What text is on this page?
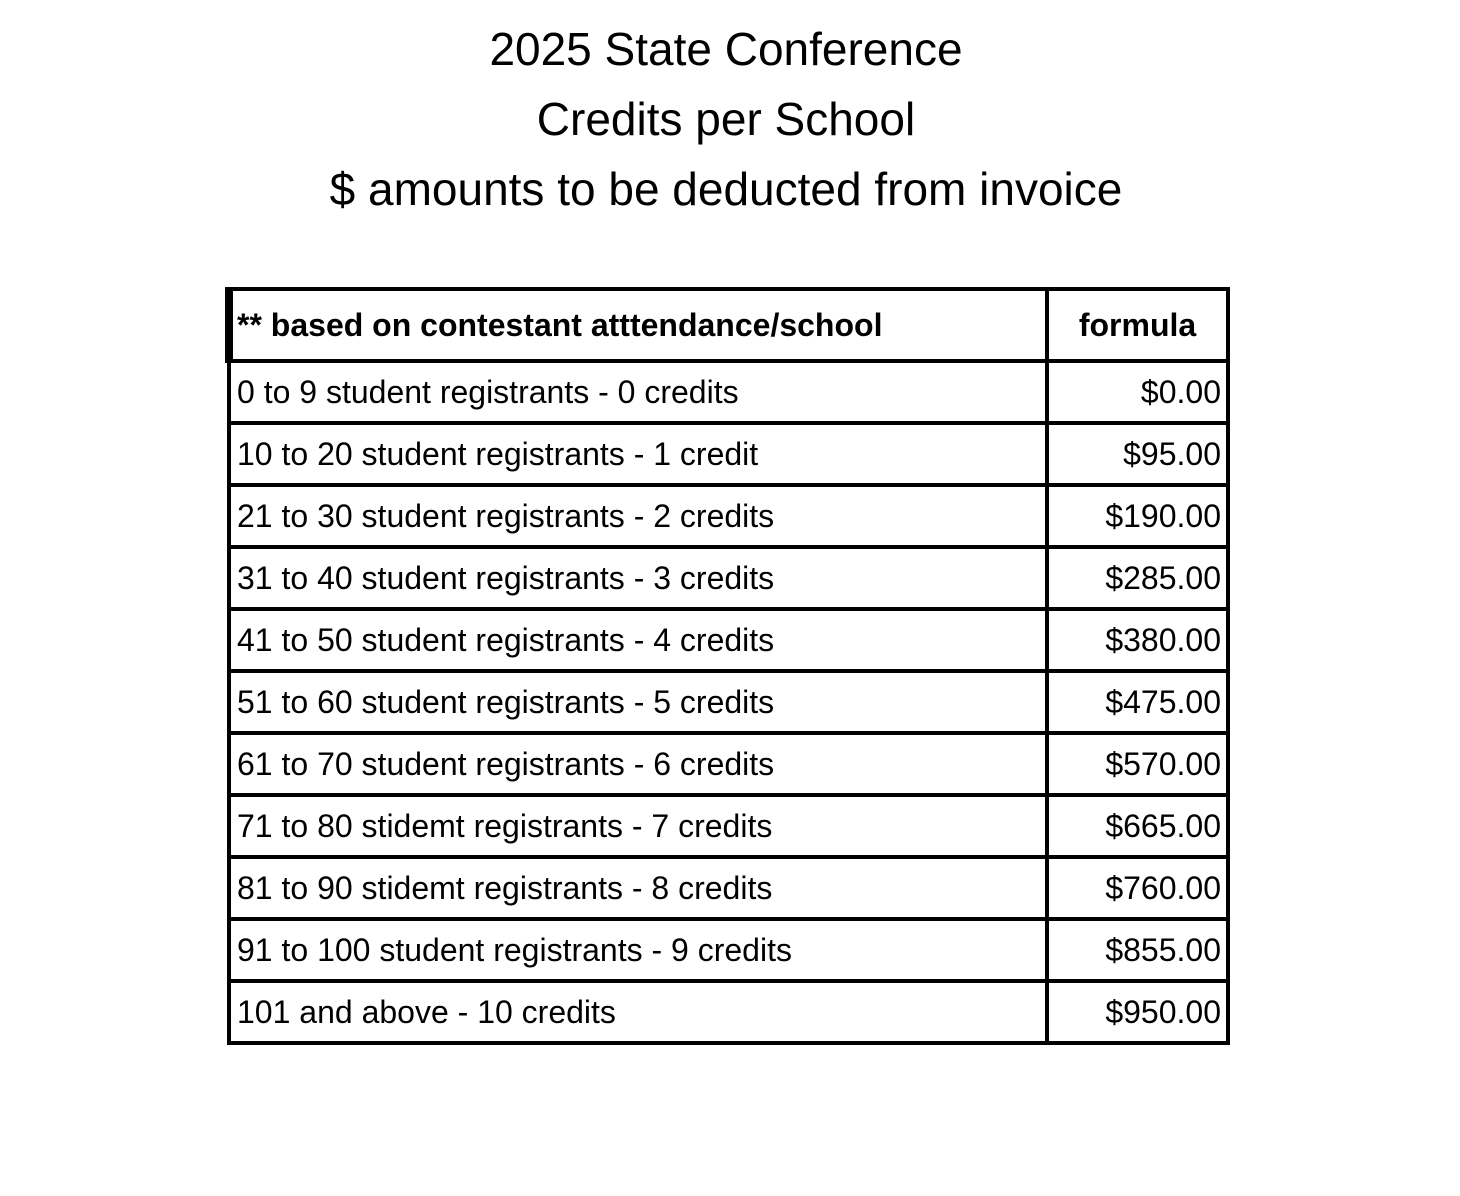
2025 State Conference
Credits per School
$ amounts to be deducted from invoice
** based on contestant atttendance/school	formula
0 to 9 student registrants - 0 credits	$0.00
10 to 20 student registrants - 1 credit	$95.00
21 to 30 student registrants - 2 credits	$190.00
31 to 40 student registrants - 3 credits	$285.00
41 to 50 student registrants - 4 credits	$380.00
51 to 60 student registrants - 5 credits	$475.00
61 to 70 student registrants - 6 credits	$570.00
71 to 80 stidemt registrants - 7 credits	$665.00
81 to 90 stidemt registrants - 8 credits	$760.00
91 to 100 student registrants - 9 credits	$855.00
101 and above - 10 credits	$950.00
